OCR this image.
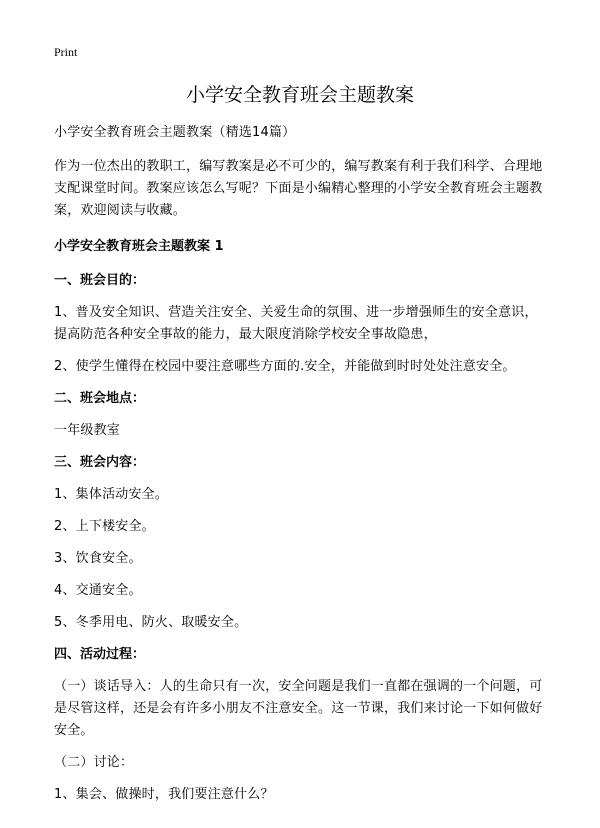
Print
小学安全教育班会主题教案

小学安全教育班会主题教案（精选14篇）

作为一位杰出的教职工，编写教案是必不可少的，编写教案有利于我们科学、合理地支配课堂时间。教案应该怎么写呢？下面是小编精心整理的小学安全教育班会主题教案，欢迎阅读与收藏。

小学安全教育班会主题教案 1
一、班会目的：

1、普及安全知识、营造关注安全、关爱生命的氛围、进一步增强师生的安全意识，提高防范各种安全事故的能力，最大限度消除学校安全事故隐患，

2、使学生懂得在校园中要注意哪些方面的.安全，并能做到时时处处注意安全。

二、班会地点：

一年级教室

三、班会内容：

1、集体活动安全。

2、上下楼安全。

3、饮食安全。

4、交通安全。

5、冬季用电、防火、取暖安全。

四、活动过程：

（一）谈话导入：人的生命只有一次，安全问题是我们一直都在强调的一个问题，可是尽管这样，还是会有许多小朋友不注意安全。这一节课，我们来讨论一下如何做好安全。

（二）讨论：

1、集会、做操时，我们要注意什么？
